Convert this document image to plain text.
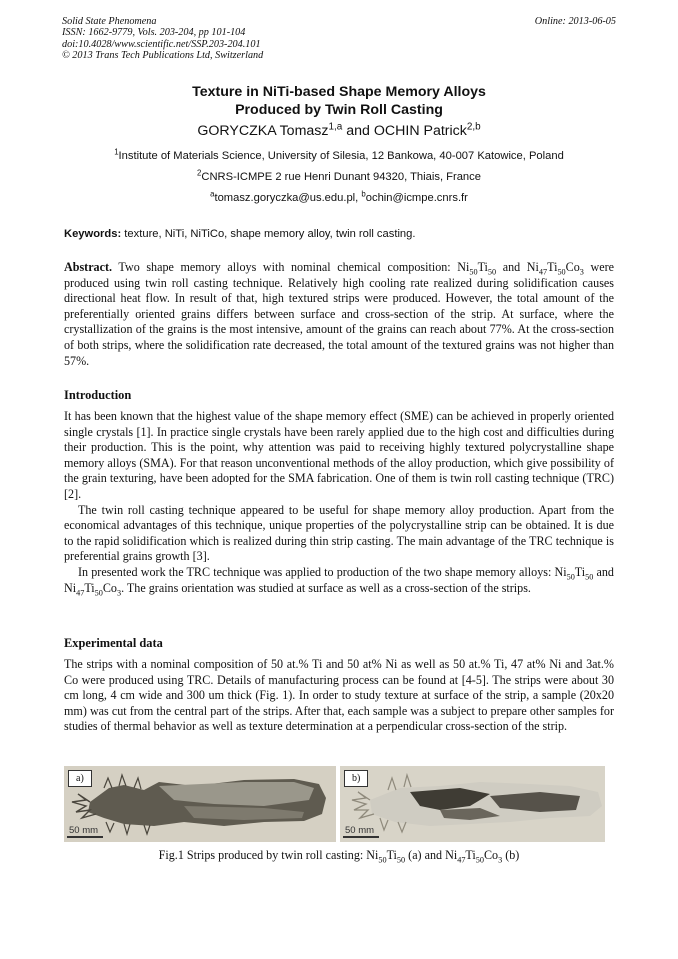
Solid State Phenomena
ISSN: 1662-9779, Vols. 203-204, pp 101-104
doi:10.4028/www.scientific.net/SSP.203-204.101
© 2013 Trans Tech Publications Ltd, Switzerland
Online: 2013-06-05
Texture in NiTi-based Shape Memory Alloys
Produced by Twin Roll Casting
GORYCZKA Tomasz$^{1,a}$ and OCHIN Patrick$^{2,b}$
$^1$Institute of Materials Science, University of Silesia, 12 Bankowa, 40-007 Katowice, Poland
$^2$CNRS-ICMPE 2 rue Henri Dunant 94320, Thiais, France
$^a$tomasz.goryczka@us.edu.pl, $^b$ochin@icmpe.cnrs.fr
Keywords: texture, NiTi, NiTiCo, shape memory alloy, twin roll casting.
Abstract. Two shape memory alloys with nominal chemical composition: $Ni_{50}Ti_{50}$ and $Ni_{47}Ti_{50}Co_3$ were produced using twin roll casting technique. Relatively high cooling rate realized during solidification causes directional heat flow. In result of that, high textured strips were produced. However, the total amount of the preferentially oriented grains differs between surface and cross-section of the strip. At surface, where the crystallization of the grains is the most intensive, amount of the grains can reach about 77%. At the cross-section of both strips, where the solidification rate decreased, the total amount of the textured grains was not higher than 57%.
Introduction
It has been known that the highest value of the shape memory effect (SME) can be achieved in properly oriented single crystals [1]. In practice single crystals have been rarely applied due to the high cost and difficulties during their production. This is the point, why attention was paid to receiving highly textured polycrystalline shape memory alloys (SMA). For that reason unconventional methods of the alloy production, which give possibility of the grain texturing, have been adopted for the SMA fabrication. One of them is twin roll casting technique (TRC) [2].
The twin roll casting technique appeared to be useful for shape memory alloy production. Apart from the economical advantages of this technique, unique properties of the polycrystalline strip can be obtained. It is due to the rapid solidification which is realized during thin strip casting. The main advantage of the TRC technique is preferential grains growth [3].
In presented work the TRC technique was applied to production of the two shape memory alloys: $Ni_{50}Ti_{50}$ and $Ni_{47}Ti_{50}Co_3$. The grains orientation was studied at surface as well as a cross-section of the strips.
Experimental data
The strips with a nominal composition of 50 at.% Ti and 50 at% Ni as well as 50 at.% Ti, 47 at% Ni and 3at.% Co were produced using TRC. Details of manufacturing process can be found at [4-5]. The strips were about 30 cm long, 4 cm wide and 300 um thick (Fig. 1). In order to study texture at surface of the strip, a sample (20x20 mm) was cut from the central part of the strips. After that, each sample was a subject to prepare other samples for studies of thermal behavior as well as texture determination at a perpendicular cross-section of the strip.
a)
50 mm
b)
50 mm
Fig.1 Strips produced by twin roll casting: $Ni_{50}Ti_{50}$ (a) and $Ni_{47}Ti_{50}Co_3$ (b)
